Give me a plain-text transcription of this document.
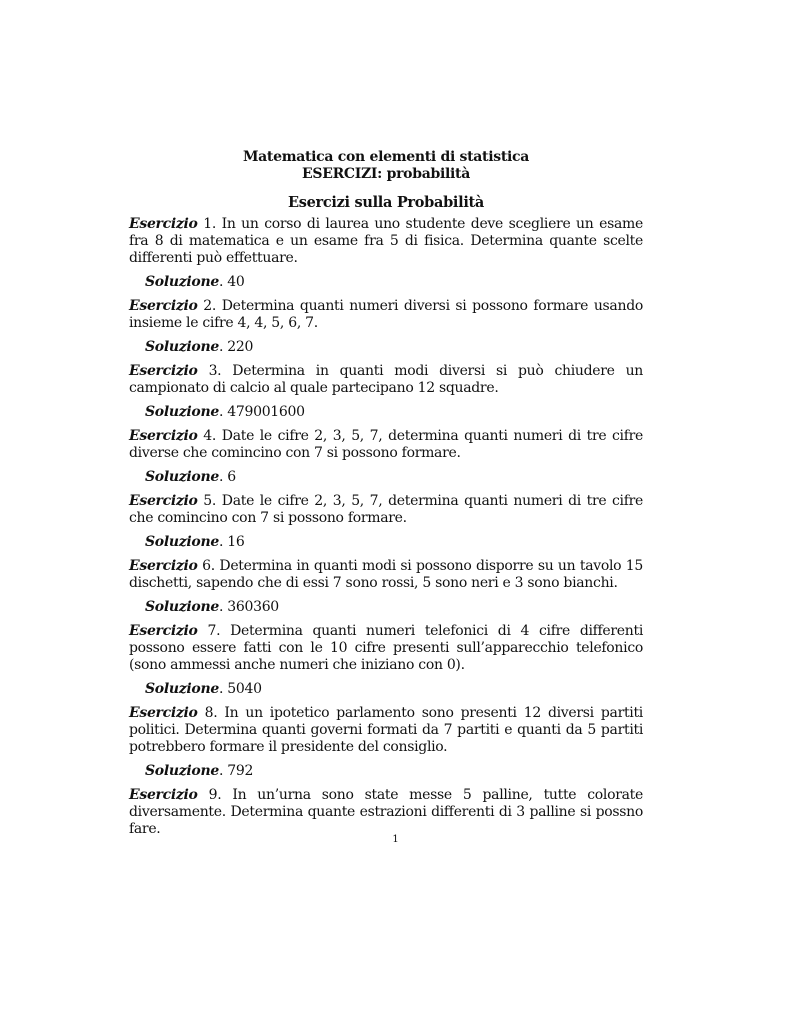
Matematica con elementi di statistica
ESERCIZI: probabilità
Esercizi sulla Probabilità

Esercizio 1. In un corso di laurea uno studente deve scegliere un esame fra 8 di matematica e un esame fra 5 di fisica. Determina quante scelte differenti può effettuare.

Soluzione. 40

Esercizio 2. Determina quanti numeri diversi si possono formare usando insieme le cifre 4, 4, 5, 6, 7.

Soluzione. 220

Esercizio 3. Determina in quanti modi diversi si può chiudere un campionato di calcio al quale partecipano 12 squadre.

Soluzione. 479001600

Esercizio 4. Date le cifre 2, 3, 5, 7, determina quanti numeri di tre cifre diverse che comincino con 7 si possono formare.

Soluzione. 6

Esercizio 5. Date le cifre 2, 3, 5, 7, determina quanti numeri di tre cifre che comincino con 7 si possono formare.

Soluzione. 16

Esercizio 6. Determina in quanti modi si possono disporre su un tavolo 15 dischetti, sapendo che di essi 7 sono rossi, 5 sono neri e 3 sono bianchi.

Soluzione. 360360

Esercizio 7. Determina quanti numeri telefonici di 4 cifre differenti possono essere fatti con le 10 cifre presenti sull’apparecchio telefonico (sono ammessi anche numeri che iniziano con 0).

Soluzione. 5040

Esercizio 8. In un ipotetico parlamento sono presenti 12 diversi partiti politici. Determina quanti governi formati da 7 partiti e quanti da 5 partiti potrebbero formare il presidente del consiglio.

Soluzione. 792

Esercizio 9. In un’urna sono state messe 5 palline, tutte colorate diversamente. Determina quante estrazioni differenti di 3 palline si possno fare.

1
